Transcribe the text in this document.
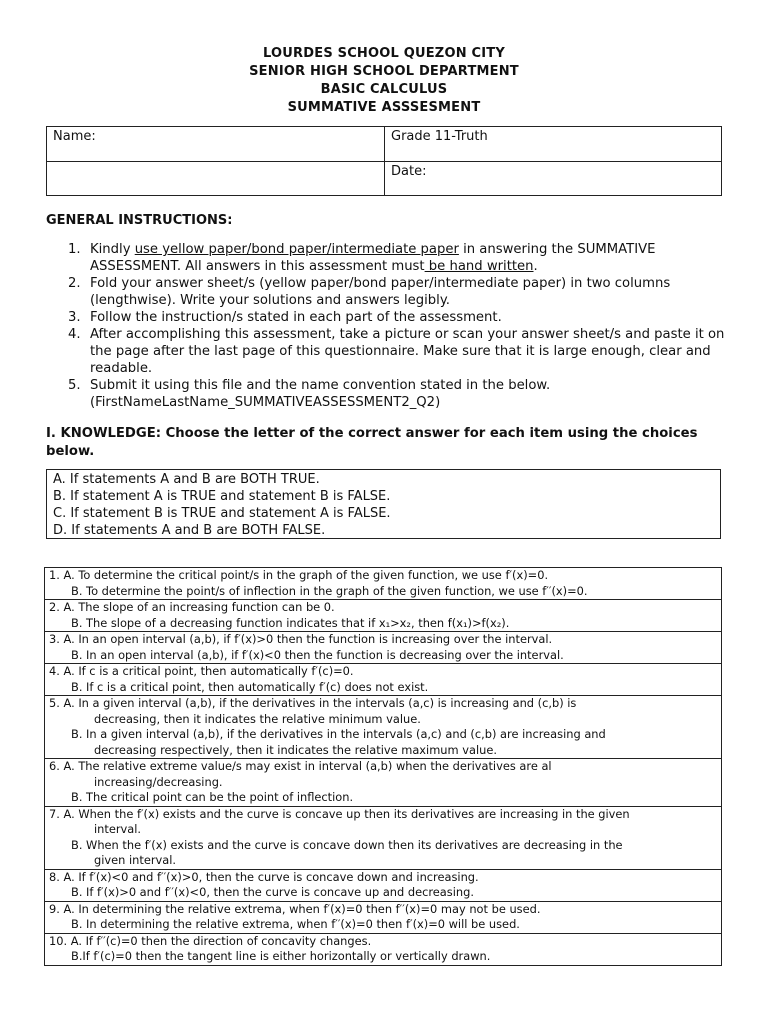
LOURDES SCHOOL QUEZON CITY
SENIOR HIGH SCHOOL DEPARTMENT
BASIC CALCULUS
SUMMATIVE ASSSESMENT
Name:	Grade 11-Truth
	Date:
GENERAL INSTRUCTIONS:
1. Kindly use yellow paper/bond paper/intermediate paper in answering the SUMMATIVE ASSESSMENT. All answers in this assessment must be hand written.
2. Fold your answer sheet/s (yellow paper/bond paper/intermediate paper) in two columns (lengthwise). Write your solutions and answers legibly.
3. Follow the instruction/s stated in each part of the assessment.
4. After accomplishing this assessment, take a picture or scan your answer sheet/s and paste it on the page after the last page of this questionnaire. Make sure that it is large enough, clear and readable.
5. Submit it using this file and the name convention stated in the below. (FirstNameLastName_SUMMATIVEASSESSMENT2_Q2)
I. KNOWLEDGE: Choose the letter of the correct answer for each item using the choices below.
A. If statements A and B are BOTH TRUE.
B. If statement A is TRUE and statement B is FALSE.
C. If statement B is TRUE and statement A is FALSE.
D. If statements A and B are BOTH FALSE.
1. A. To determine the critical point/s in the graph of the given function, we use f′(x)=0.
B. To determine the point/s of inflection in the graph of the given function, we use f′′(x)=0.

2. A. The slope of an increasing function can be 0.
B. The slope of a decreasing function indicates that if x₁>x₂, then f(x₁)>f(x₂).

3. A. In an open interval (a,b), if f′(x)>0 then the function is increasing over the interval.
B. In an open interval (a,b), if f′(x)<0 then the function is decreasing over the interval.

4. A. If c is a critical point, then automatically f′(c)=0.
B. If c is a critical point, then automatically f′(c) does not exist.

5. A. In a given interval (a,b), if the derivatives in the intervals (a,c) is increasing and (c,b) is
decreasing, then it indicates the relative minimum value.
B. In a given interval (a,b), if the derivatives in the intervals (a,c) and (c,b) are increasing and
decreasing respectively, then it indicates the relative maximum value.

6. A. The relative extreme value/s may exist in interval (a,b) when the derivatives are al
increasing/decreasing.
B. The critical point can be the point of inflection.

7. A. When the f′(x) exists and the curve is concave up then its derivatives are increasing in the given
interval.
B. When the f′(x) exists and the curve is concave down then its derivatives are decreasing in the
given interval.

8. A. If f′(x)<0 and f′′(x)>0, then the curve is concave down and increasing.
B. If f′(x)>0 and f′′(x)<0, then the curve is concave up and decreasing.

9. A. In determining the relative extrema, when f′(x)=0 then f′′(x)=0 may not be used.
B. In determining the relative extrema, when f′′(x)=0 then f′(x)=0 will be used.

10. A. If f′′(c)=0 then the direction of concavity changes.
B.If f′(c)=0 then the tangent line is either horizontally or vertically drawn.
